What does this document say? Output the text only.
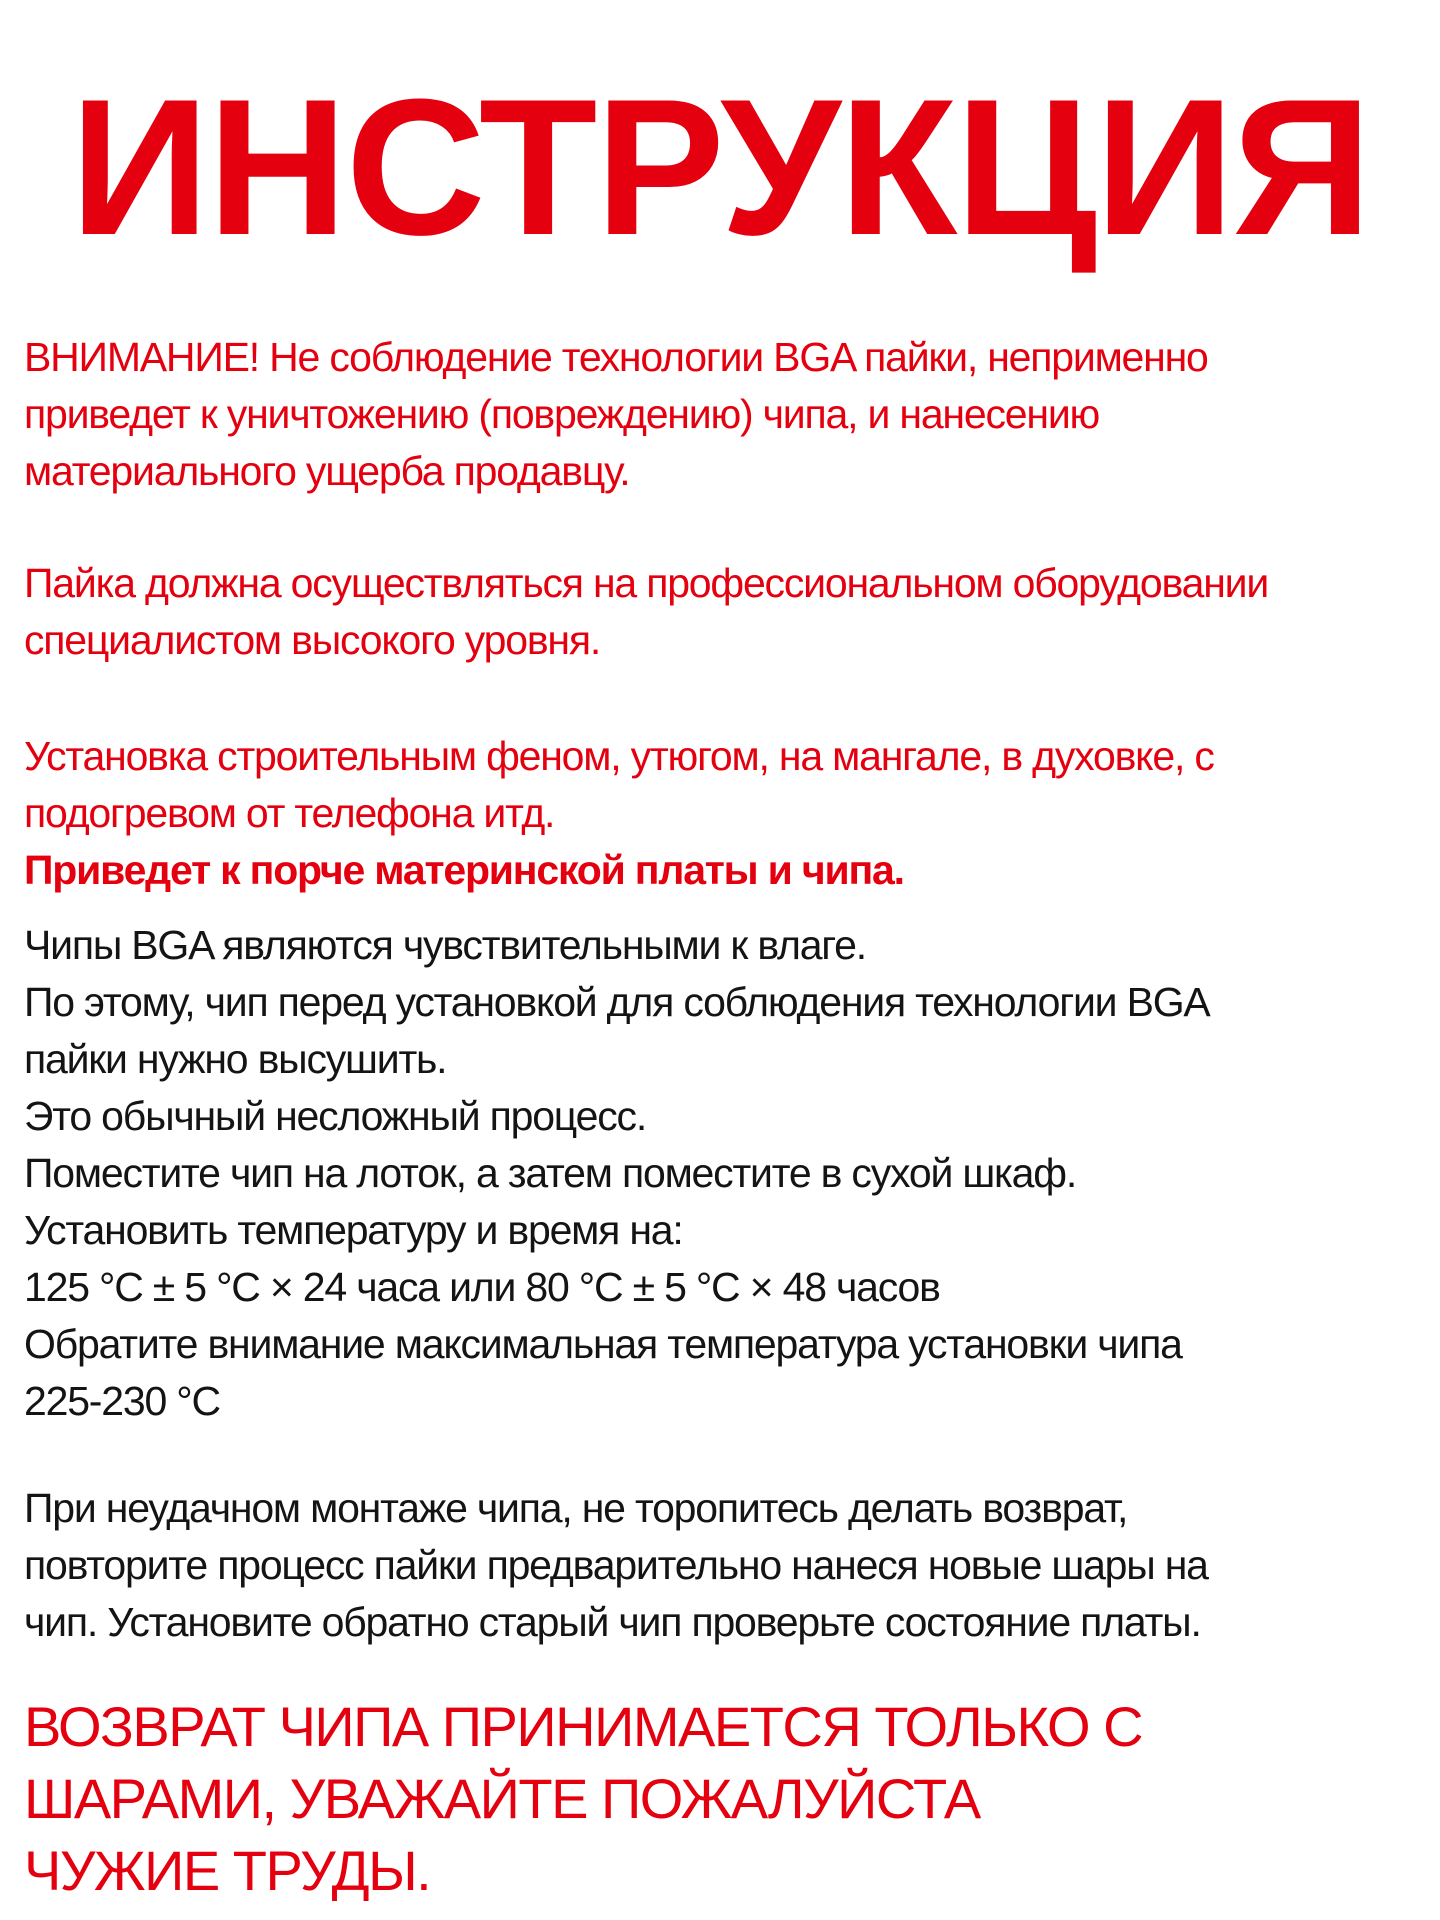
ИНСТРУКЦИЯ

ВНИМАНИЕ! Не соблюдение технологии BGA пайки, неприменно

приведет к уничтожению (повреждению) чипа, и нанесению

материального ущерба продавцу.

Пайка должна осуществляться на профессиональном оборудовании

специалистом высокого уровня.

Установка строительным феном, утюгом, на мангале, в духовке, с

подогревом от телефона итд.

Приведет к порче материнской платы и чипа.

Чипы BGA являются чувствительными к влаге.

По этому, чип перед установкой для соблюдения технологии BGA

пайки нужно высушить.

Это обычный несложный процесс.

Поместите чип на лоток, а затем поместите в сухой шкаф.

Установить температуру и время на:

125 °C ± 5 °C × 24 часа или 80 °C ± 5 °C × 48 часов

Обратите внимание максимальная температура установки чипа

225-230 °C

При неудачном монтаже чипа, не торопитесь делать возврат,

повторите процесс пайки предварительно нанеся новые шары на

чип. Установите обратно старый чип проверьте состояние платы.

ВОЗВРАТ ЧИПА ПРИНИМАЕТСЯ ТОЛЬКО С

ШАРАМИ, УВАЖАЙТЕ ПОЖАЛУЙСТА

ЧУЖИЕ ТРУДЫ.
